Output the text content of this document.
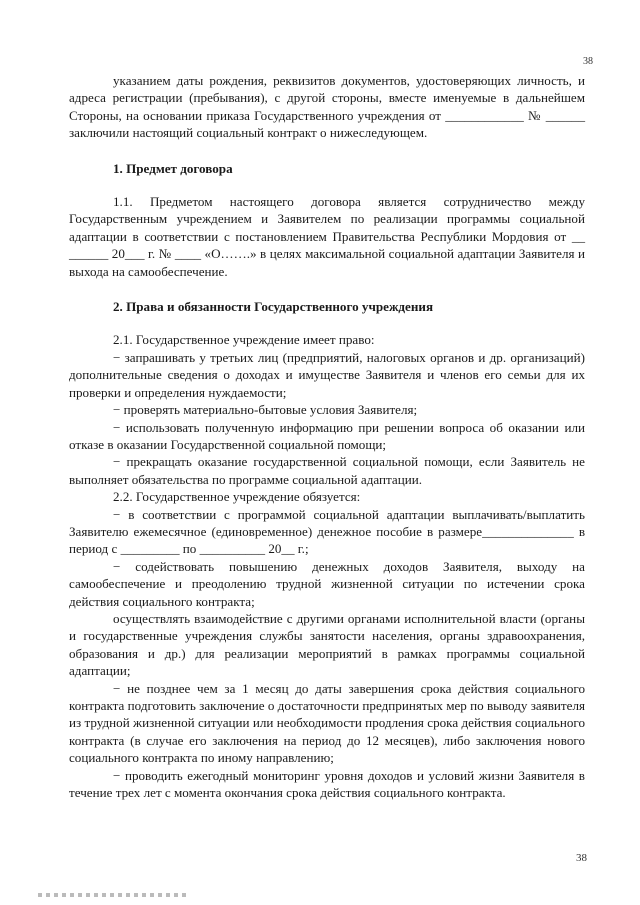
38

указанием даты рождения, реквизитов документов, удостоверяющих личность, и адреса регистрации (пребывания), с другой стороны, вместе именуемые в дальнейшем Стороны, на основании приказа Государственного учреждения от ____________ № ______ заключили настоящий социальный контракт о нижеследующем.

1. Предмет договора

1.1. Предметом настоящего договора является сотрудничество между Государственным учреждением и Заявителем по реализации программы социальной адаптации в соответствии с постановлением Правительства Республики Мордовия от __ ______ 20___ г. № ____ «О…….» в целях максимальной социальной адаптации Заявителя и выхода на самообеспечение.

2. Права и обязанности Государственного учреждения

2.1. Государственное учреждение имеет право:

− запрашивать у третьих лиц (предприятий, налоговых органов и др. организаций) дополнительные сведения о доходах и имуществе Заявителя и членов его семьи для их проверки и определения нуждаемости;

− проверять материально-бытовые условия Заявителя;

− использовать полученную информацию при решении вопроса об оказании или отказе в оказании Государственной социальной помощи;

− прекращать оказание государственной социальной помощи, если Заявитель не выполняет обязательства по программе социальной адаптации.

2.2. Государственное учреждение обязуется:

− в соответствии с программой социальной адаптации выплачивать/выплатить Заявителю ежемесячное (единовременное) денежное пособие в размере______________ в период с _________ по __________ 20__ г.;

− содействовать повышению денежных доходов Заявителя, выходу на самообеспечение и преодолению трудной жизненной ситуации по истечении срока действия социального контракта;

осуществлять взаимодействие с другими органами исполнительной власти (органы и государственные учреждения службы занятости населения, органы здравоохранения, образования и др.) для реализации мероприятий в рамках программы социальной адаптации;

− не позднее чем за 1 месяц до даты завершения срока действия социального контракта подготовить заключение о достаточности предпринятых мер по выводу заявителя из трудной жизненной ситуации или необходимости продления срока действия социального контракта (в случае его заключения на период до 12 месяцев), либо заключения нового социального контракта по иному направлению;

− проводить ежегодный мониторинг уровня доходов и условий жизни Заявителя в течение трех лет с момента окончания срока действия социального контракта.

38
